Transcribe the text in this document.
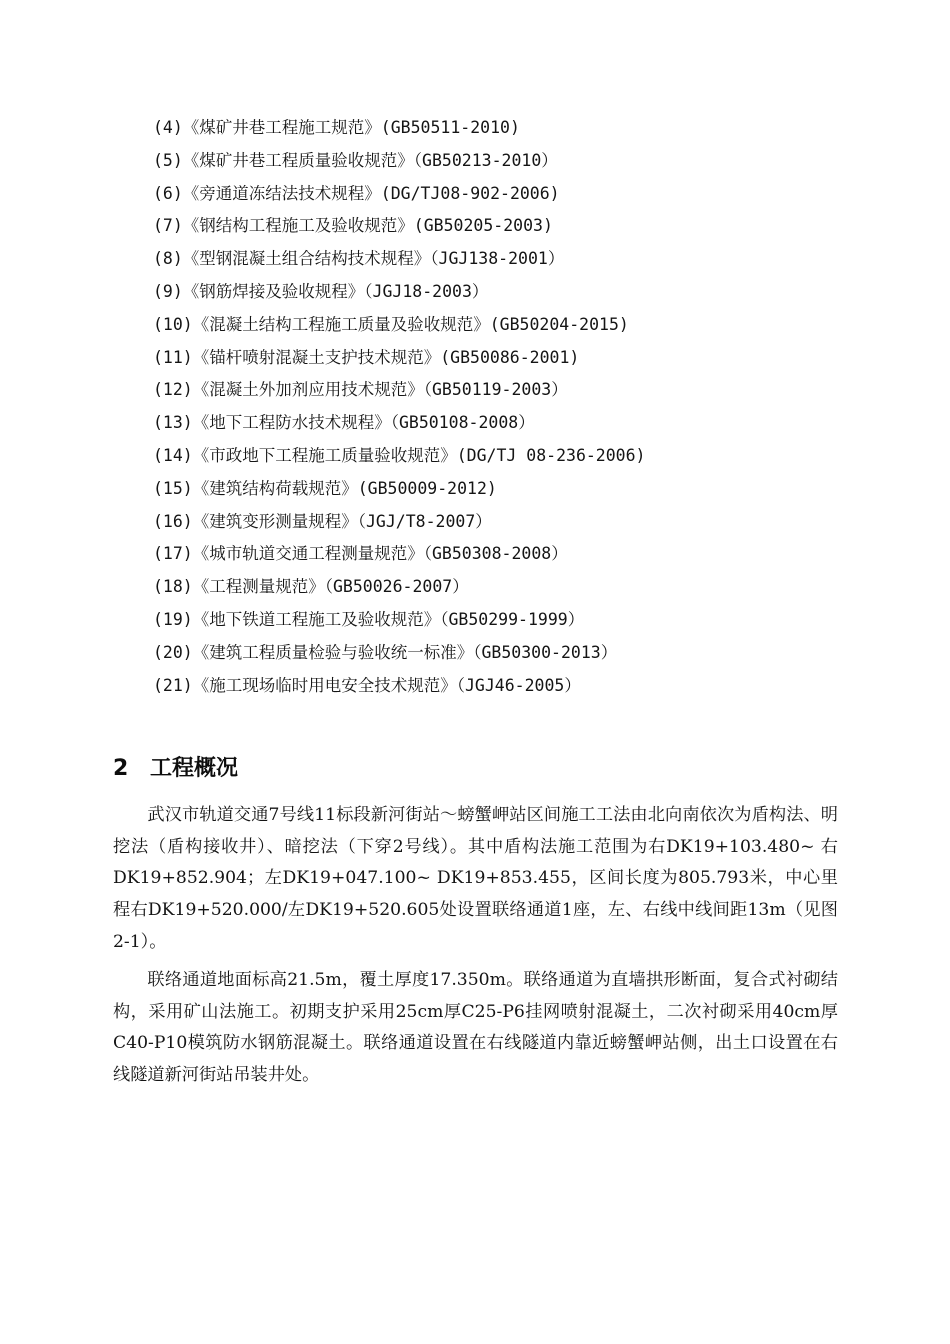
(4)《煤矿井巷工程施工规范》(GB50511-2010)
(5)《煤矿井巷工程质量验收规范》（GB50213-2010）
(6)《旁通道冻结法技术规程》(DG/TJ08-902-2006)
(7)《钢结构工程施工及验收规范》(GB50205-2003)
(8)《型钢混凝土组合结构技术规程》（JGJ138-2001）
(9)《钢筋焊接及验收规程》（JGJ18-2003）
(10)《混凝土结构工程施工质量及验收规范》(GB50204-2015)
(11)《锚杆喷射混凝土支护技术规范》(GB50086-2001)
(12)《混凝土外加剂应用技术规范》（GB50119-2003）
(13)《地下工程防水技术规程》（GB50108-2008）
(14)《市政地下工程施工质量验收规范》(DG/TJ 08-236-2006)
(15)《建筑结构荷载规范》(GB50009-2012)
(16)《建筑变形测量规程》（JGJ/T8-2007）
(17)《城市轨道交通工程测量规范》（GB50308-2008）
(18)《工程测量规范》（GB50026-2007）
(19)《地下铁道工程施工及验收规范》（GB50299-1999）
(20)《建筑工程质量检验与验收统一标准》（GB50300-2013）
(21)《施工现场临时用电安全技术规范》（JGJ46-2005）
2 工程概况

武汉市轨道交通7号线11标段新河街站～螃蟹岬站区间施工工法由北向南依次为盾构法、明挖法（盾构接收井）、暗挖法（下穿2号线）。其中盾构法施工范围为右DK19+103.480~ 右DK19+852.904；左DK19+047.100~ DK19+853.455，区间长度为805.793米，中心里程右DK19+520.000/左DK19+520.605处设置联络通道1座，左、右线中线间距13m（见图2-1）。

联络通道地面标高21.5m，覆土厚度17.350m。联络通道为直墙拱形断面，复合式衬砌结构，采用矿山法施工。初期支护采用25cm厚C25-P6挂网喷射混凝土，二次衬砌采用40cm厚C40-P10模筑防水钢筋混凝土。联络通道设置在右线隧道内靠近螃蟹岬站侧，出土口设置在右线隧道新河街站吊装井处。
